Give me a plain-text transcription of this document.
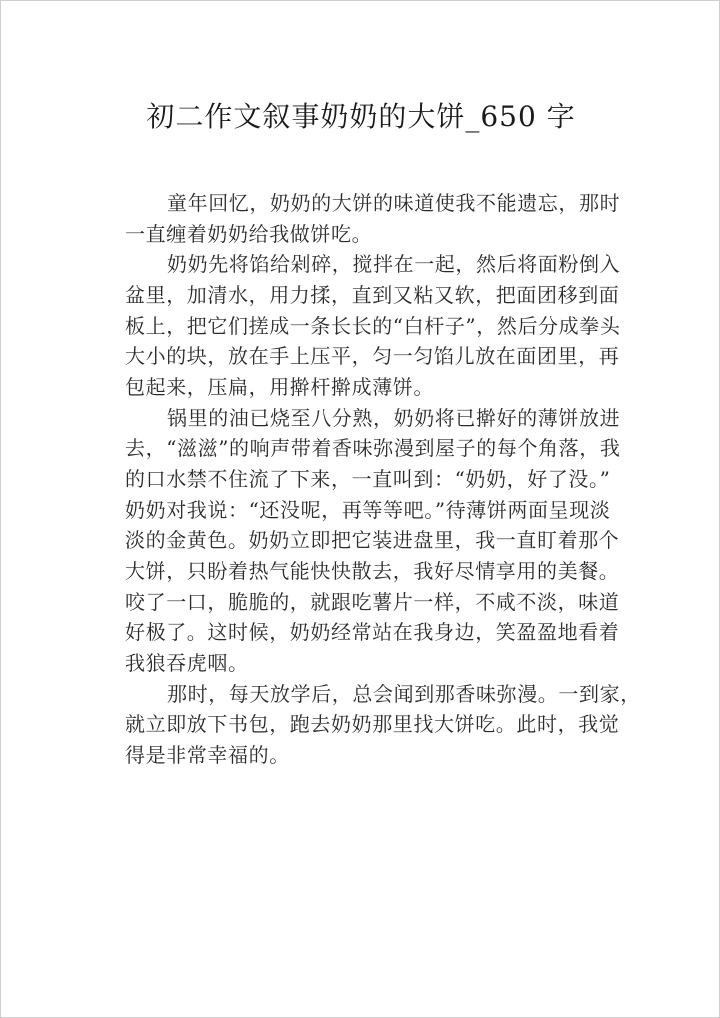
初二作文叙事奶奶的大饼_650 字

童年回忆，奶奶的大饼的味道使我不能遗忘，那时
一直缠着奶奶给我做饼吃。

奶奶先将馅给剁碎，搅拌在一起，然后将面粉倒入
盆里，加清水，用力揉，直到又粘又软，把面团移到面
板上，把它们搓成一条长长的“白杆子”，然后分成拳头
大小的块，放在手上压平，匀一匀馅儿放在面团里，再
包起来，压扁，用擀杆擀成薄饼。

锅里的油已烧至八分熟，奶奶将已擀好的薄饼放进
去，“滋滋”的响声带着香味弥漫到屋子的每个角落，我
的口水禁不住流了下来，一直叫到：“奶奶，好了没。”
奶奶对我说：“还没呢，再等等吧。”待薄饼两面呈现淡
淡的金黄色。奶奶立即把它装进盘里，我一直盯着那个
大饼，只盼着热气能快快散去，我好尽情享用的美餐。
咬了一口，脆脆的，就跟吃薯片一样，不咸不淡，味道
好极了。这时候，奶奶经常站在我身边，笑盈盈地看着
我狼吞虎咽。

那时，每天放学后，总会闻到那香味弥漫。一到家，
就立即放下书包，跑去奶奶那里找大饼吃。此时，我觉
得是非常幸福的。
